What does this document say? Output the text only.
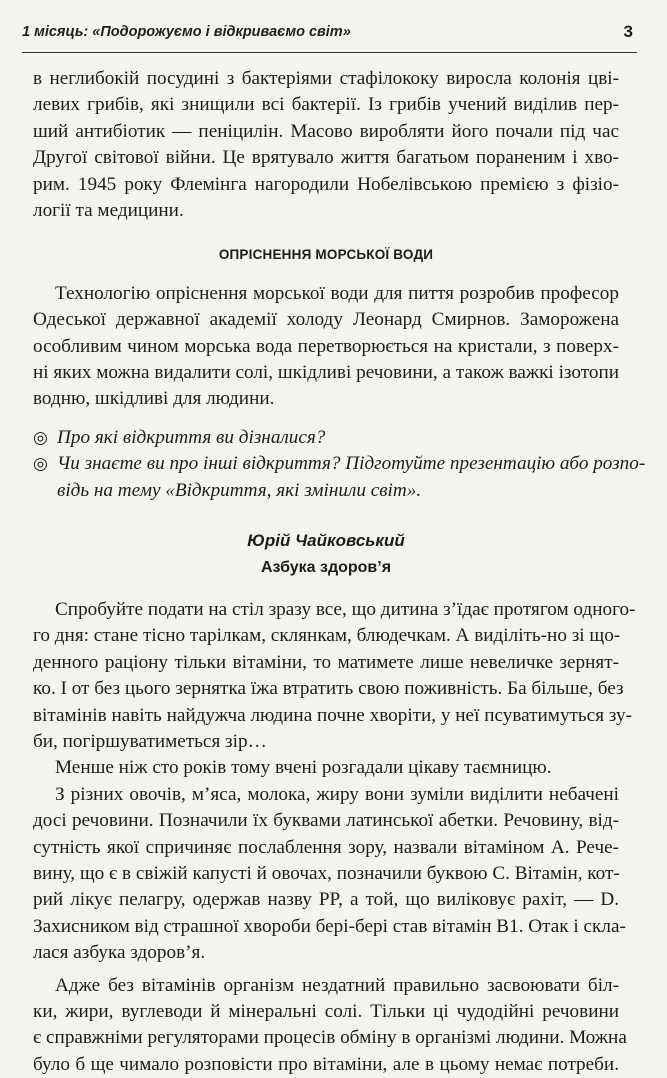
1 місяць: «Подорожуємо і відкриваємо світ»	3
в неглибокій посудині з бактеріями стафілококу виросла колонія цві-
левих грибів, які знищили всі бактерії. Із грибів учений виділив пер-
ший антибіотик — пеніцилін. Масово виробляти його почали під час
Другої світової війни. Це врятувало життя багатьом пораненим і хво-
рим. 1945 року Флемінга нагородили Нобелівською премією з фізіо-
логії та медицини.
ОПРІСНЕННЯ МОРСЬКОЇ ВОДИ
Технологію опріснення морської води для пиття розробив професор
Одеської державної академії холоду Леонард Смирнов. Заморожена
особливим чином морська вода перетворюється на кристали, з поверх-
ні яких можна видалити солі, шкідливі речовини, а також важкі ізотопи
водню, шкідливі для людини.
◎ Про які відкриття ви дізналися?
◎ Чи знаєте ви про інші відкриття? Підготуйте презентацію або розпо-
відь на тему «Відкриття, які змінили світ».
Юрій Чайковський
Азбука здоров’я
Спробуйте подати на стіл зразу все, що дитина з’їдає протягом одного-
го дня: стане тісно тарілкам, склянкам, блюдечкам. А виділіть-но зі що-
денного раціону тільки вітаміни, то матимете лише невеличке зернят-
ко. І от без цього зернятка їжа втратить свою поживність. Ба більше, без
вітамінів навіть найдужча людина почне хворіти, у неї псуватимуться зу-
би, погіршуватиметься зір…
Менше ніж сто років тому вчені розгадали цікаву таємницю.
З різних овочів, м’яса, молока, жиру вони зуміли виділити небачені
досі речовини. Позначили їх буквами латинської абетки. Речовину, від-
сутність якої спричиняє послаблення зору, назвали вітаміном А. Рече-
вину, що є в свіжій капусті й овочах, позначили буквою С. Вітамін, кот-
рий лікує пелагру, одержав назву PP, а той, що виліковує рахіт, — D.
Захисником від страшної хвороби бері-бері став вітамін В1. Отак і скла-
лася азбука здоров’я.
Адже без вітамінів організм нездатний правильно засвоювати біл-
ки, жири, вуглеводи й мінеральні солі. Тільки ці чудодійні речовини
є справжніми регуляторами процесів обміну в організмі людини. Можна
було б ще чимало розповісти про вітаміни, але в цьому немає потреби.
